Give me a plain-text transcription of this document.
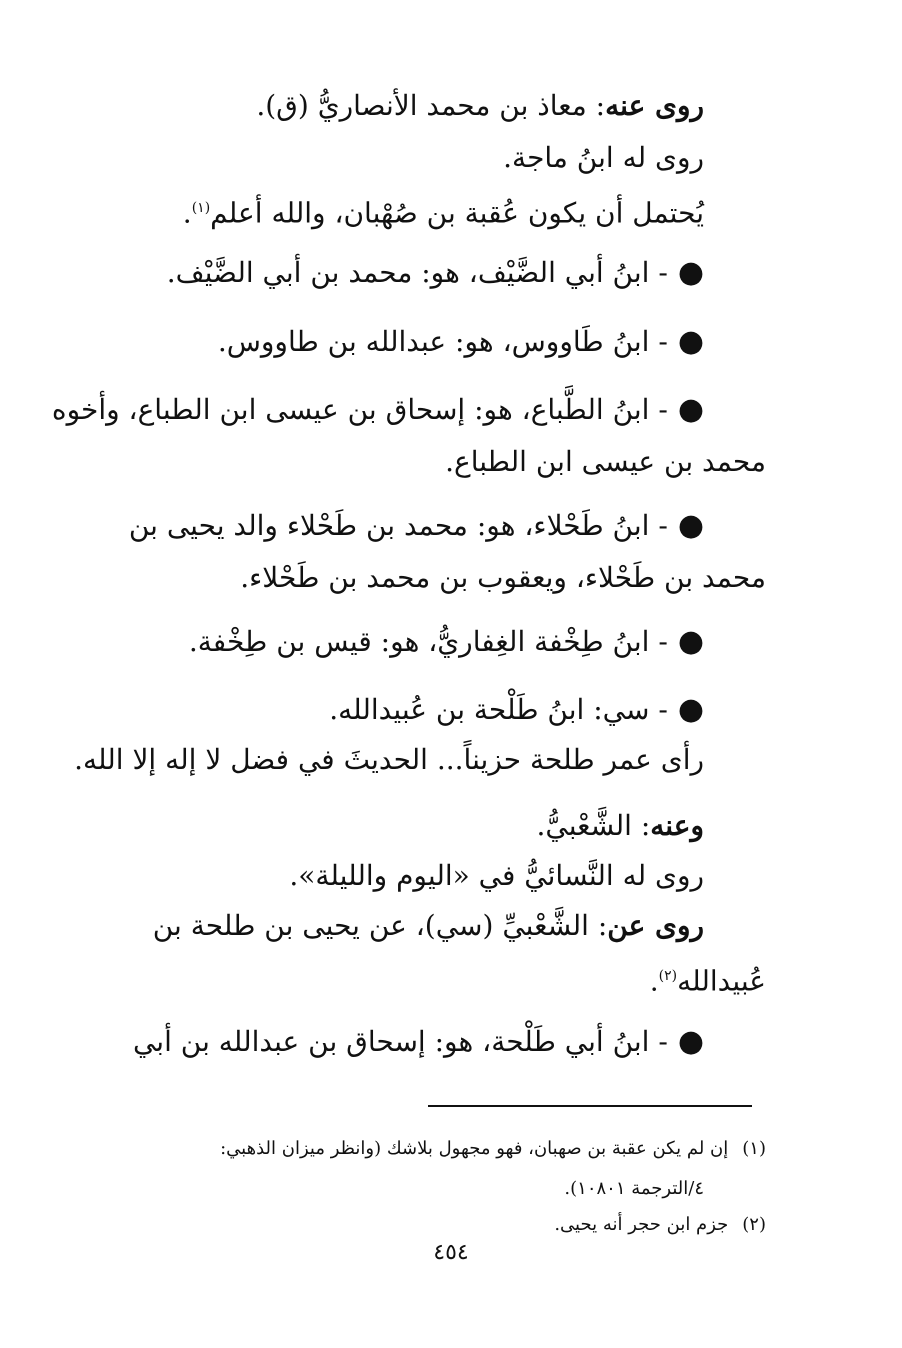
روى عنه: معاذ بن محمد الأنصاريُّ (ق).
روى له ابنُ ماجة.
يُحتمل أن يكون عُقبة بن صُهْبان، والله أعلم$^{(١)}$.
●- ابنُ أبي الضَّيْف، هو: محمد بن أبي الضَّيْف.
●- ابنُ طَاووس، هو: عبدالله بن طاووس.
●- ابنُ الطَّباع، هو: إسحاق بن عيسى ابن الطباع، وأخوه
محمد بن عيسى ابن الطباع.
●- ابنُ طَحْلاء، هو: محمد بن طَحْلاء والد يحيى بن
محمد بن طَحْلاء، ويعقوب بن محمد بن طَحْلاء.
●- ابنُ طِخْفة الغِفاريُّ، هو: قيس بن طِخْفة.
●- سي: ابنُ طَلْحة بن عُبيدالله.
رأى عمر طلحة حزيناً... الحديثَ في فضل لا إله إلا الله.
وعنه: الشَّعْبيُّ.
روى له النَّسائيُّ في «اليوم والليلة».
روى عن: الشَّعْبيِّ (سي)، عن يحيى بن طلحة بن
عُبيدالله$^{(٢)}$.
●- ابنُ أبي طَلْحة، هو: إسحاق بن عبدالله بن أبي
(١)إن لم يكن عقبة بن صهبان، فهو مجهول بلاشك (وانظر ميزان الذهبي:
٤/الترجمة ١٠٨٠١).
(٢)جزم ابن حجر أنه يحيى.
٤٥٤
